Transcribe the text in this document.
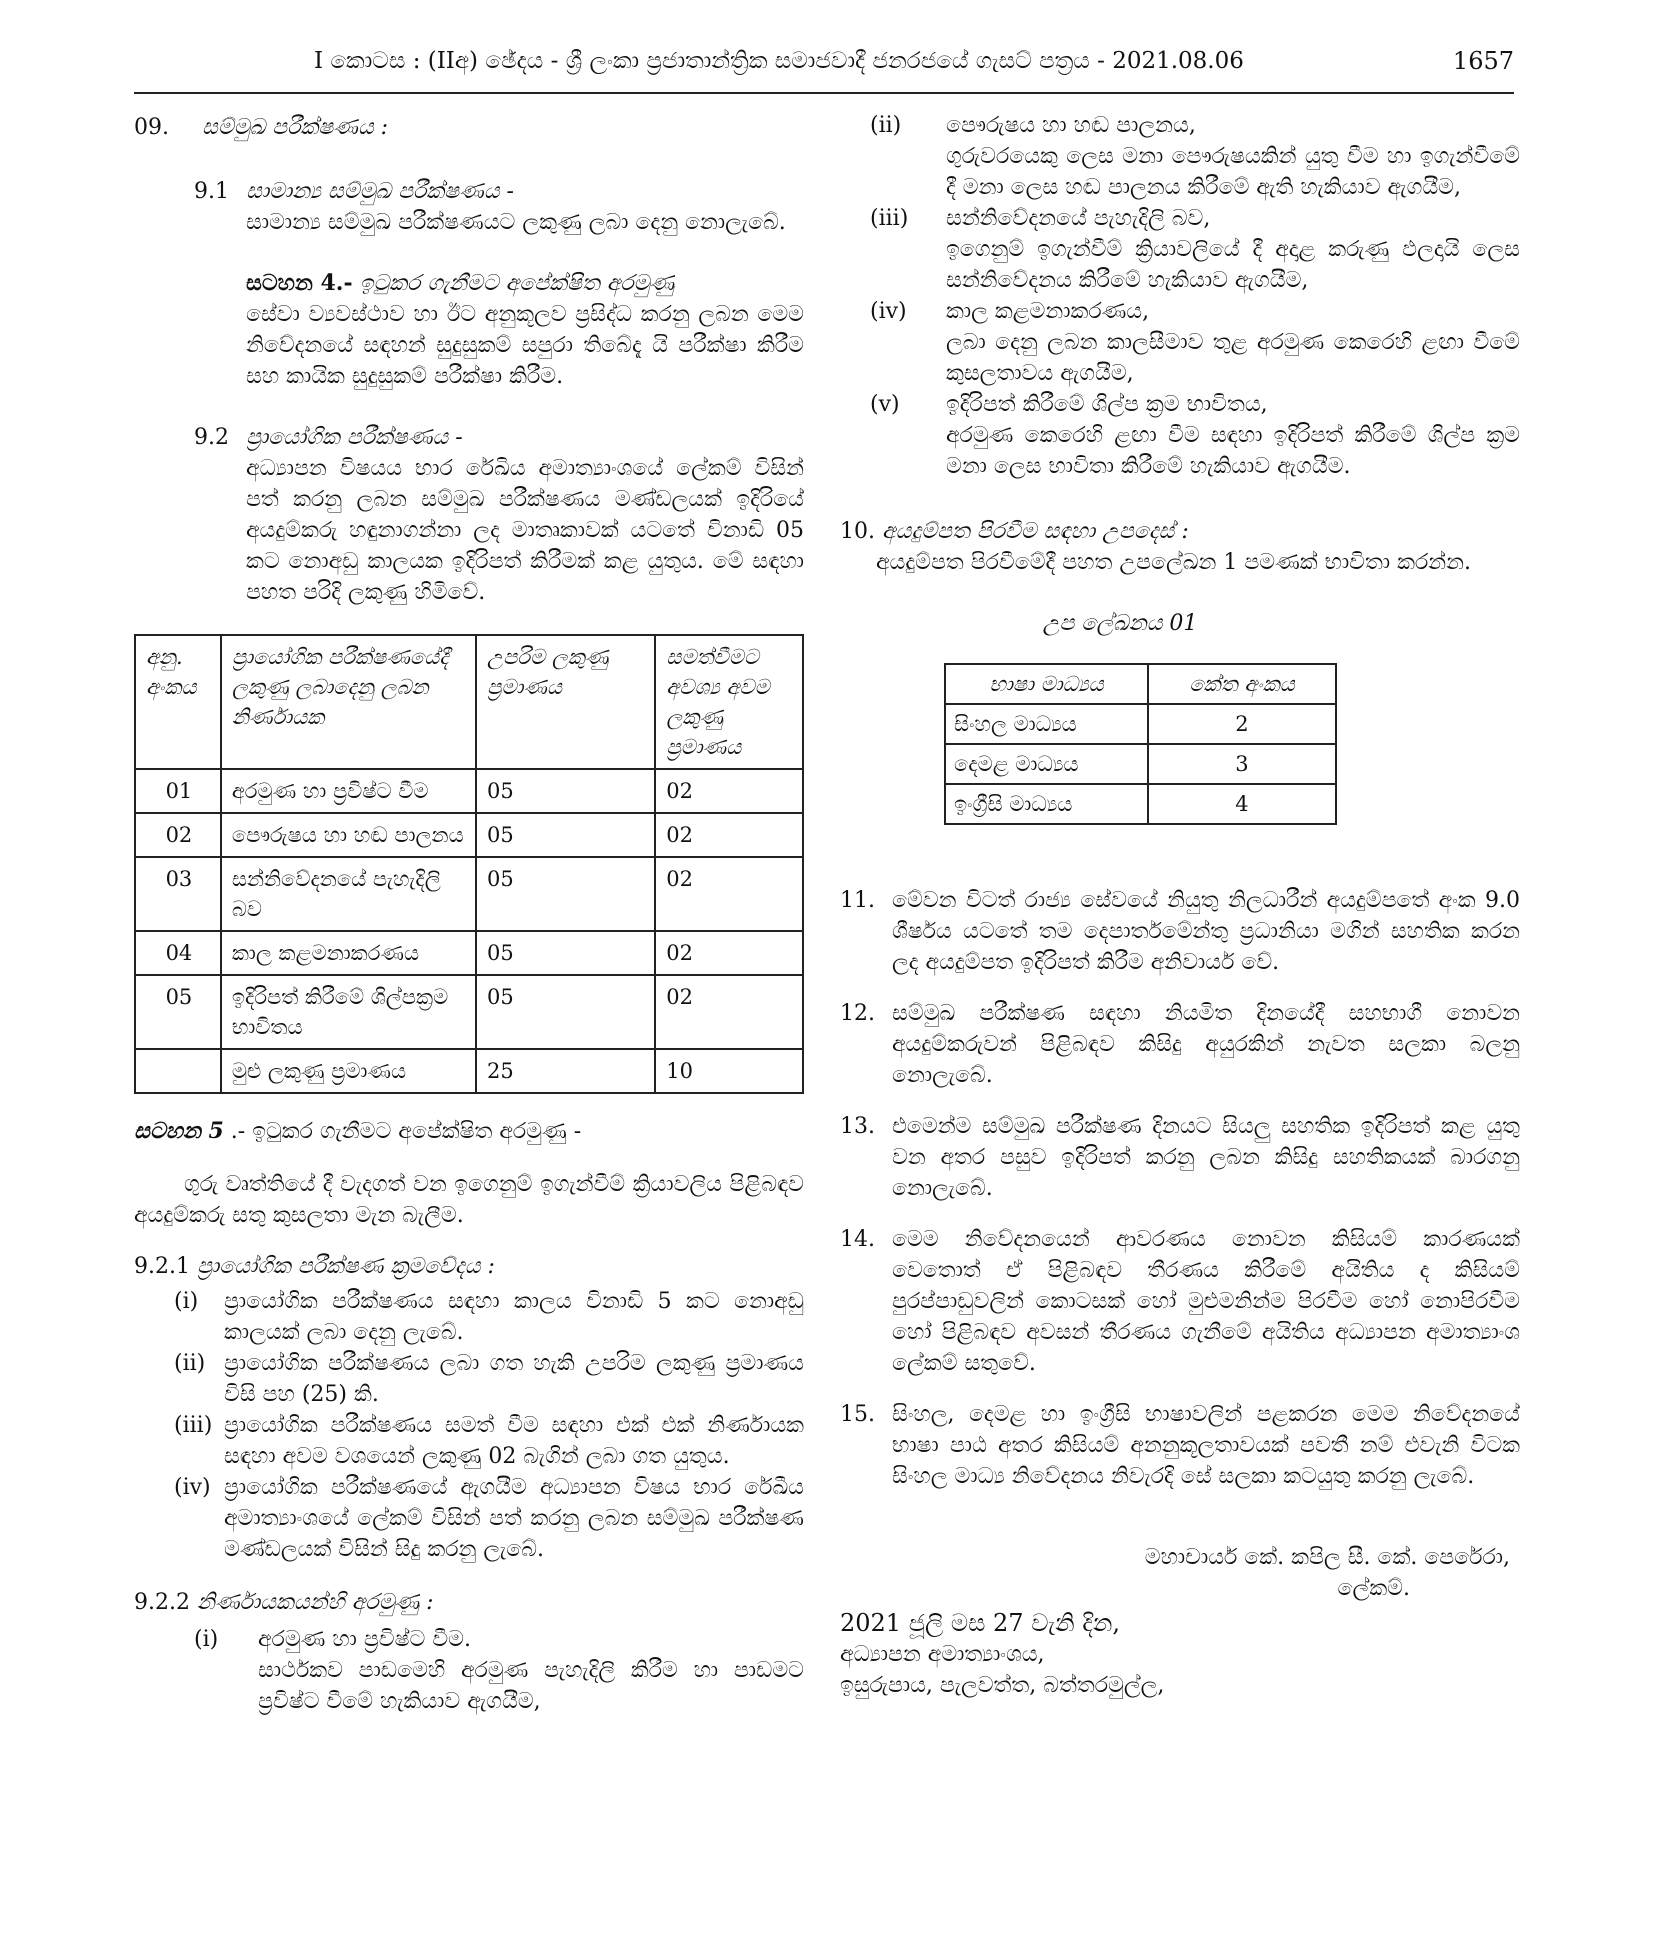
I කොටස : (IIඅ) ඡේදය - ශ්‍රී ලංකා ප්‍රජාතාන්ත්‍රික සමාජවාදී ජනරජයේ ගැසට් පත්‍රය - 2021.08.06	1657
09. සම්මුඛ පරීක්ෂණය :
9.1 සාමාන්‍ය සම්මුඛ පරීක්ෂණය -

සාමාන්‍ය සම්මුඛ පරීක්ෂණයට ලකුණු ලබා දෙනු නොලැබේ.

සටහන 4.- ඉටුකර ගැනීමට අපේක්ෂිත අරමුණු

සේවා ව්‍යවස්ථාව හා ඊට අනුකූලව ප්‍රසිද්ධ කරනු ලබන මෙම නිවේදනයේ සඳහන් සුදුසුකම් සපුරා තිබේදැ යි පරීක්ෂා කිරීම සහ කායික සුදුසුකම් පරීක්ෂා කිරීම.

9.2 ප්‍රායෝගික පරීක්ෂණය -

අධ්‍යාපන විෂයය භාර රේඛිය අමාත්‍යාංශයේ ලේකම් විසින් පත් කරනු ලබන සම්මුඛ පරීක්ෂණය මණ්ඩලයක් ඉදිරියේ අයදුම්කරු හඳුනාගන්නා ලද මාතෘකාවක් යටතේ විනාඩි 05 කට නොඅඩු කාලයක ඉදිරිපත් කිරීමක් කළ යුතුය. මේ සඳහා පහත පරිදි ලකුණු හිමිවේ.

අනු. අංකය	ප්‍රායෝගික පරීක්ෂණයේදී ලකුණු ලබාදෙනු ලබන නිර්ණායක	උපරිම ලකුණු ප්‍රමාණය	සමත්වීමට අවශ්‍ය අවම ලකුණු ප්‍රමාණය
01	අරමුණ හා ප්‍රවිෂ්ට වීම	05	02
02	පෞරුෂය හා හඬ පාලනය	05	02
03	සන්නිවේදනයේ පැහැදිලි බව	05	02
04	කාල කළමනාකරණය	05	02
05	ඉදිරිපත් කිරීමේ ශිල්පක්‍රම භාවිතය	05	02
	මුළු ලකුණු ප්‍රමාණය	25	10

සටහන 5 .- ඉටුකර ගැනීමට අපේක්ෂිත අරමුණු -

ගුරු වෘත්තියේ දී වැදගත් වන ඉගෙනුම් ඉගැන්වීම් ක්‍රියාවලිය පිළිබඳව අයදුම්කරු සතු කුසලතා මැන බැලීම.

9.2.1 ප්‍රායෝගික පරීක්ෂණ ක්‍රමවේදය :

(i) ප්‍රායෝගික පරීක්ෂණය සඳහා කාලය විනාඩි 5 කට නොඅඩු කාලයක් ලබා දෙනු ලැබේ.
(ii) ප්‍රායෝගික පරීක්ෂණය ලබා ගත හැකි උපරිම ලකුණු ප්‍රමාණය විසි පහ (25) කි.
(iii) ප්‍රායෝගික පරීක්ෂණය සමත් වීම සඳහා එක් එක් නිර්ණායක සඳහා අවම වශයෙන් ලකුණු 02 බැගින් ලබා ගත යුතුය.
(iv) ප්‍රායෝගික පරීක්ෂණයේ ඇගයීම අධ්‍යාපන විෂය භාර රේඛීය අමාත්‍යාංශයේ ලේකම් විසින් පත් කරනු ලබන සම්මුඛ පරීක්ෂණ මණ්ඩලයක් විසින් සිදු කරනු ලැබේ.

9.2.2 නිර්ණායකයන්හි අරමුණු :

(i) අරමුණ හා ප්‍රවිෂ්ට වීම.

සාර්ථකව පාඩමෙහි අරමුණ පැහැදිලි කිරීම හා පාඩමට ප්‍රවිෂ්ට වීමේ හැකියාව ඇගයීම,

(ii) පෞරුෂය හා හඬ පාලනය,

ගුරුවරයෙකු ලෙස මනා පෞරුෂයකින් යුතු වීම හා ඉගැන්වීමේ දී මනා ලෙස හඬ පාලනය කිරීමේ ඇති හැකියාව ඇගයීම,

(iii) සන්නිවේදනයේ පැහැදිලි බව,

ඉගෙනුම් ඉගැන්වීම් ක්‍රියාවලියේ දී අදාළ කරුණු ඵලදායි ලෙස සන්නිවේදනය කිරීමේ හැකියාව ඇගයීම,

(iv) කාල කළමනාකරණය,

ලබා දෙනු ලබන කාලසීමාව තුළ අරමුණ කෙරෙහි ළඟා වීමේ කුසලතාවය ඇගයීම,

(v) ඉදිරිපත් කිරීමේ ශිල්ප ක්‍රම භාවිතය,

අරමුණ කෙරෙහි ළඟා වීම සඳහා ඉදිරිපත් කිරීමේ ශිල්ප ක්‍රම මනා ලෙස භාවිතා කිරීමේ හැකියාව ඇගයීම.

10. අයදුම්පත පිරවීම සඳහා උපදෙස් :

අයදුම්පත පිරවීමේදී පහත උපලේඛන 1 පමණක් භාවිතා කරන්න.

උප ලේඛනය 01

භාෂා මාධ්‍යය	කේත අංකය
සිංහල මාධ්‍යය	2
දෙමළ මාධ්‍යය	3
ඉංග්‍රීසි මාධ්‍යය	4
11. මේවන විටත් රාජ්‍ය සේවයේ නියුතු නිලධාරීන් අයදුම්පතේ අංක 9.0 ශීර්ෂය යටතේ තම දෙපාර්තමේන්තු ප්‍රධානියා මගින් සහතික කරන ලද අයදුම්පත ඉදිරිපත් කිරීම අනිවාර්ය වේ.
12. සම්මුඛ පරීක්ෂණ සඳහා නියමිත දිනයේදී සහභාගී නොවන අයදුම්කරුවන් පිළිබඳව කිසිදු අයුරකින් නැවත සලකා බලනු නොලැබේ.
13. එමෙන්ම සම්මුඛ පරීක්ෂණ දිනයට සියලු සහතික ඉදිරිපත් කළ යුතු වන අතර පසුව ඉදිරිපත් කරනු ලබන කිසිදු සහතිකයක් බාරගනු නොලැබේ.
14. මෙම නිවේදනයෙන් ආවරණය නොවන කිසියම් කාරණයක් වෙතොත් ඒ පිළිබඳව තීරණය කිරීමේ අයිතිය ද කිසියම් පුරප්පාඩුවලින් කොටසක් හෝ මුළුමනින්ම පිරවීම හෝ නොපිරවීම හෝ පිළිබඳව අවසන් තීරණය ගැනීමේ අයිතිය අධ්‍යාපන අමාත්‍යාංශ ලේකම් සතුවේ.
15. සිංහල, දෙමළ හා ඉංග්‍රීසි භාෂාවලින් පළකරන මෙම නිවේදනයේ භාෂා පාඨ අතර කිසියම් අනනුකූලතාවයක් පවතී නම් එවැනි විටක සිංහල මාධ්‍ය නිවේදනය නිවැරදි සේ සලකා කටයුතු කරනු ලැබේ.

මහාචාර්ය කේ. කපිල සී. කේ. පෙරේරා,

ලේකම්.

2021 ජූලි මස 27 වැනි දින,

අධ්‍යාපන අමාත්‍යාංශය,

ඉසුරුපාය, පැලවත්ත, බත්තරමුල්ල,
